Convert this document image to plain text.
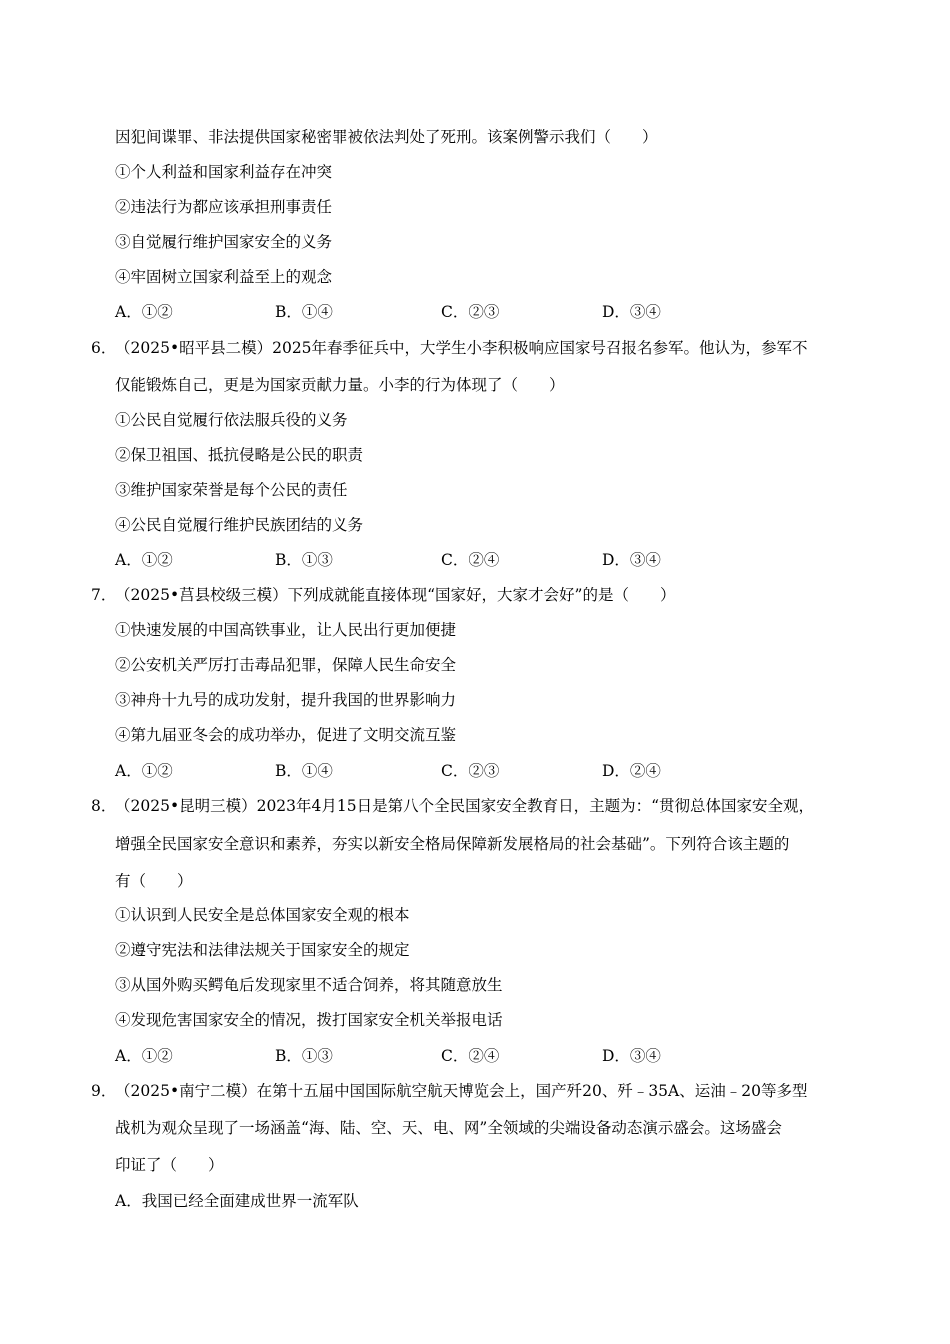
因犯间谍罪、非法提供国家秘密罪被依法判处了死刑。该案例警示我们（　　）
①个人利益和国家利益存在冲突
②违法行为都应该承担刑事责任
③自觉履行维护国家安全的义务
④牢固树立国家利益至上的观念
A．①②	B．①④	C．②③	D．③④
6．（2025•昭平县二模）2025年春季征兵中，大学生小李积极响应国家号召报名参军。他认为，参军不
仅能锻炼自己，更是为国家贡献力量。小李的行为体现了（　　）
①公民自觉履行依法服兵役的义务
②保卫祖国、抵抗侵略是公民的职责
③维护国家荣誉是每个公民的责任
④公民自觉履行维护民族团结的义务
A．①②	B．①③	C．②④	D．③④
7．（2025•莒县校级三模）下列成就能直接体现“国家好，大家才会好”的是（　　）
①快速发展的中国高铁事业，让人民出行更加便捷
②公安机关严厉打击毒品犯罪，保障人民生命安全
③神舟十九号的成功发射，提升我国的世界影响力
④第九届亚冬会的成功举办，促进了文明交流互鉴
A．①②	B．①④	C．②③	D．②④
8．（2025•昆明三模）2023年4月15日是第八个全民国家安全教育日，主题为：“贯彻总体国家安全观，
增强全民国家安全意识和素养，夯实以新安全格局保障新发展格局的社会基础”。下列符合该主题的
有（　　）
①认识到人民安全是总体国家安全观的根本
②遵守宪法和法律法规关于国家安全的规定
③从国外购买鳄龟后发现家里不适合饲养，将其随意放生
④发现危害国家安全的情况，拨打国家安全机关举报电话
A．①②	B．①③	C．②④	D．③④
9．（2025•南宁二模）在第十五届中国国际航空航天博览会上，国产歼20、歼﹣35A、运油﹣20等多型
战机为观众呈现了一场涵盖“海、陆、空、天、电、网”全领域的尖端设备动态演示盛会。这场盛会
印证了（　　）
A．我国已经全面建成世界一流军队
